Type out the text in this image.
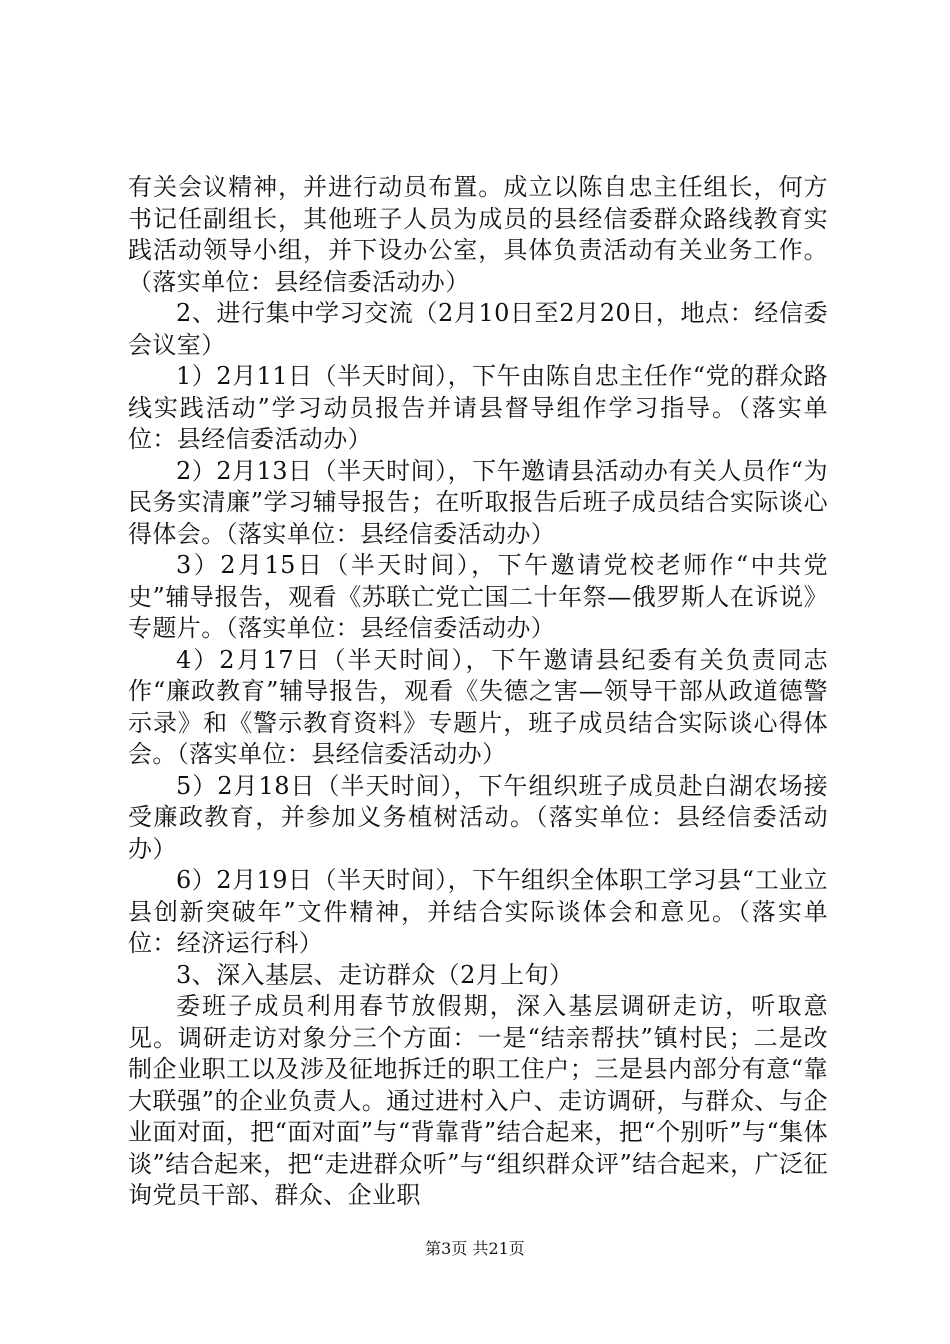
有关会议精神，并进行动员布置。成立以陈自忠主任组长，何方书记任副组长，其他班子人员为成员的县经信委群众路线教育实践活动领导小组，并下设办公室，具体负责活动有关业务工作。（落实单位：县经信委活动办）

2、进行集中学习交流（2月10日至2月20日，地点：经信委会议室）

1）2月11日（半天时间），下午由陈自忠主任作“党的群众路线实践活动”学习动员报告并请县督导组作学习指导。（落实单位：县经信委活动办）

2）2月13日（半天时间），下午邀请县活动办有关人员作“为民务实清廉”学习辅导报告；在听取报告后班子成员结合实际谈心得体会。（落实单位：县经信委活动办）

3）2月15日（半天时间），下午邀请党校老师作“中共党史”辅导报告，观看《苏联亡党亡国二十年祭—俄罗斯人在诉说》专题片。（落实单位：县经信委活动办）

4）2月17日（半天时间），下午邀请县纪委有关负责同志作“廉政教育”辅导报告，观看《失德之害—领导干部从政道德警示录》和《警示教育资料》专题片，班子成员结合实际谈心得体会。（落实单位：县经信委活动办）

5）2月18日（半天时间），下午组织班子成员赴白湖农场接受廉政教育，并参加义务植树活动。（落实单位：县经信委活动办）

6）2月19日（半天时间），下午组织全体职工学习县“工业立县创新突破年”文件精神，并结合实际谈体会和意见。（落实单位：经济运行科）

3、深入基层、走访群众（2月上旬）

委班子成员利用春节放假期，深入基层调研走访，听取意见。调研走访对象分三个方面：一是“结亲帮扶”镇村民；二是改制企业职工以及涉及征地拆迁的职工住户；三是县内部分有意“靠大联强”的企业负责人。通过进村入户、走访调研，与群众、与企业面对面，把“面对面”与“背靠背”结合起来，把“个别听”与“集体谈”结合起来，把“走进群众听”与“组织群众评”结合起来，广泛征询党员干部、群众、企业职

第3页 共21页
